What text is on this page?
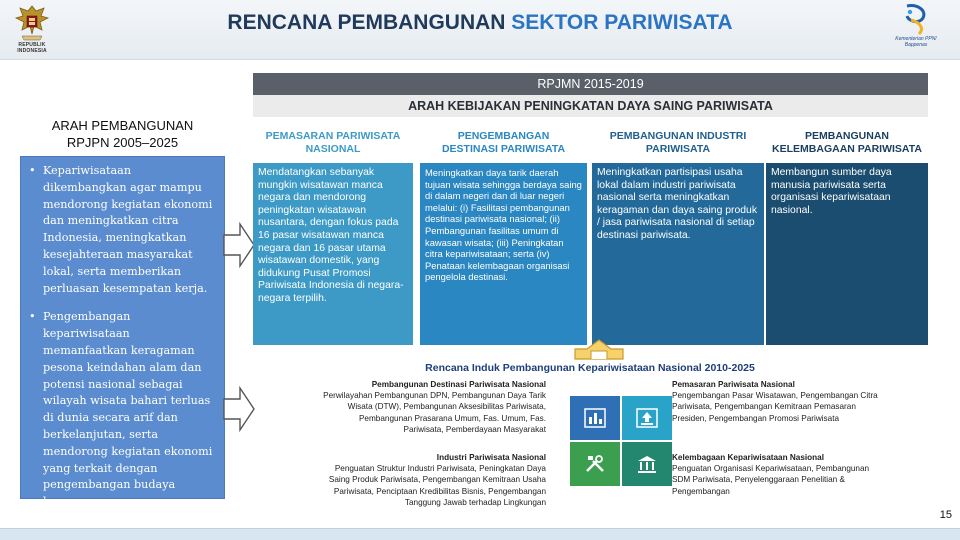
REPUBLIK
INDONESIA
RENCANA PEMBANGUNAN SEKTOR PARIWISATA
Kementerian PPN/
Bappenas
ARAH PEMBANGUNAN
RPJPN 2005–2025
• Kepariwisataan dikembangkan agar mampu mendorong kegiatan ekonomi dan meningkatkan citra Indonesia, meningkatkan kesejahteraan masyarakat lokal, serta memberikan perluasan kesempatan kerja.
• Pengembangan kepariwisataan memanfaatkan keragaman pesona keindahan alam dan potensi nasional sebagai wilayah wisata bahari terluas di dunia secara arif dan berkelanjutan, serta mendorong kegiatan ekonomi yang terkait dengan pengembangan budaya bangsa.
RPJMN 2015-2019
ARAH KEBIJAKAN PENINGKATAN DAYA SAING PARIWISATA
PEMASARAN PARIWISATA
NASIONAL
PENGEMBANGAN
DESTINASI PARIWISATA
PEMBANGUNAN INDUSTRI
PARIWISATA
PEMBANGUNAN
KELEMBAGAAN PARIWISATA
Mendatangkan sebanyak mungkin wisatawan manca negara dan mendorong peningkatan wisatawan nusantara, dengan fokus pada 16 pasar wisatawan manca negara dan 16 pasar utama wisatawan domestik, yang didukung Pusat Promosi Pariwisata Indonesia di negara-negara terpilih.
Meningkatkan daya tarik daerah tujuan wisata sehingga berdaya saing di dalam negeri dan di luar negeri melalui: (i) Fasilitasi pembangunan destinasi pariwisata nasional; (ii) Pembangunan fasilitas umum di kawasan wisata; (iii) Peningkatan citra kepariwisataan; serta (iv) Penataan kelembagaan organisasi pengelola destinasi.
Meningkatkan partisipasi usaha lokal dalam industri pariwisata nasional serta meningkatkan keragaman dan daya saing produk / jasa pariwisata nasional di setiap destinasi pariwisata.
Membangun sumber daya manusia pariwisata serta organisasi kepariwisataan nasional.
Rencana Induk Pembangunan Kepariwisataan Nasional 2010-2025
Pembangunan Destinasi Pariwisata Nasional
Perwilayahan Pembangunan DPN, Pembangunan Daya Tarik Wisata (DTW), Pembangunan Aksesibilitas Pariwisata, Pembangunan Prasarana Umum, Fas. Umum, Fas. Pariwisata, Pemberdayaan Masyarakat
Pemasaran Pariwisata Nasional
Pengembangan Pasar Wisatawan, Pengembangan Citra Pariwisata, Pengembangan Kemitraan Pemasaran Presiden, Pengembangan Promosi Pariwisata
Industri Pariwisata Nasional
Penguatan Struktur Industri Pariwisata, Peningkatan Daya Saing Produk Pariwisata, Pengembangan Kemitraan Usaha Pariwisata, Penciptaan Kredibilitas Bisnis, Pengembangan Tanggung Jawab terhadap Lingkungan
Kelembagaan Kepariwisataan Nasional
Penguatan Organisasi Kepariwisataan, Pembangunan SDM Pariwisata, Penyelenggaraan Penelitian & Pengembangan
15
